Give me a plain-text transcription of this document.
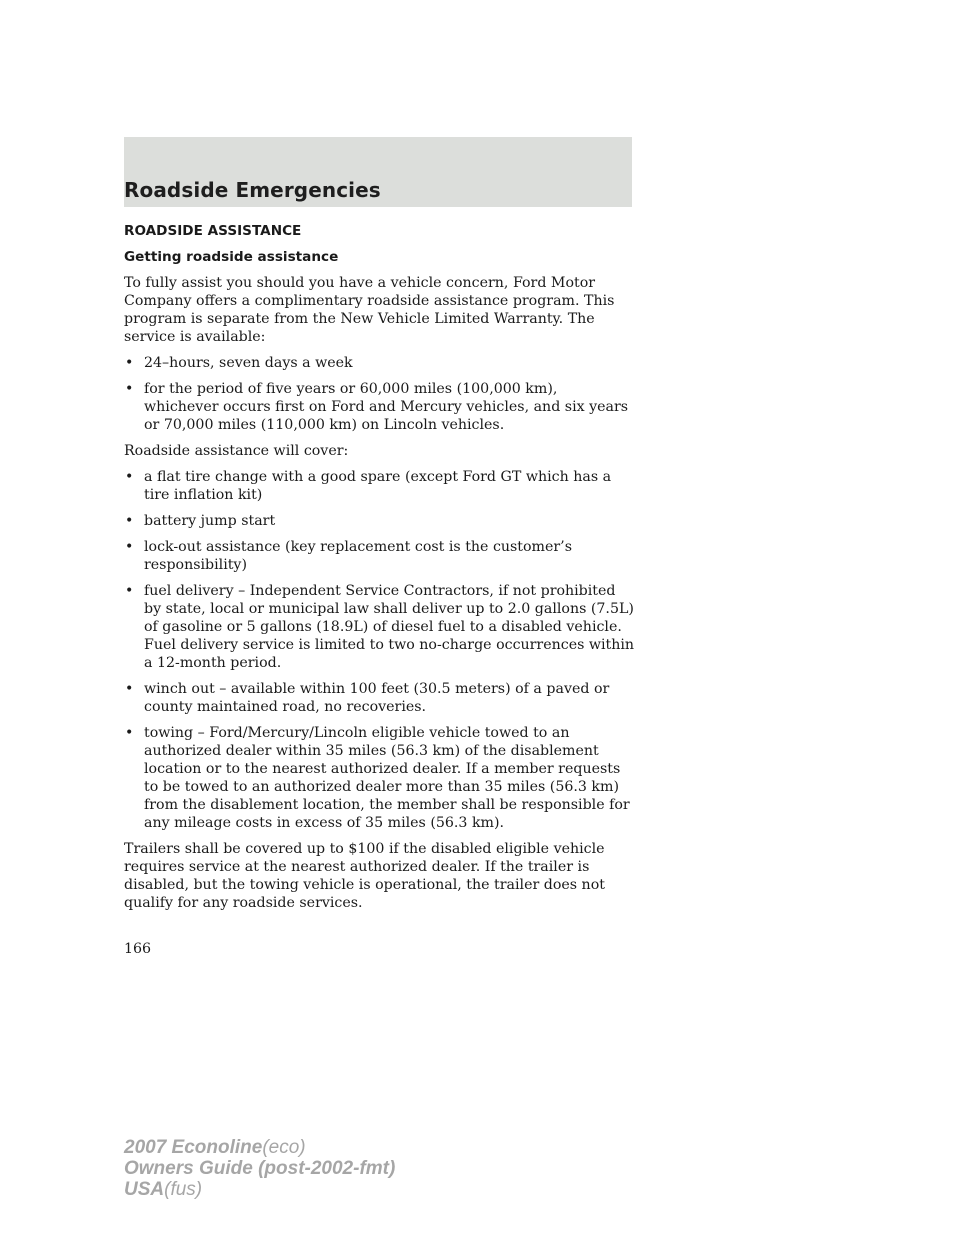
Roadside Emergencies
ROADSIDE ASSISTANCE
Getting roadside assistance

To fully assist you should you have a vehicle concern, Ford Motor Company offers a complimentary roadside assistance program. This program is separate from the New Vehicle Limited Warranty. The service is available:

• 24–hours, seven days a week
• for the period of five years or 60,000 miles (100,000 km), whichever occurs first on Ford and Mercury vehicles, and six years or 70,000 miles (110,000 km) on Lincoln vehicles.

Roadside assistance will cover:

• a flat tire change with a good spare (except Ford GT which has a tire inflation kit)
• battery jump start
• lock-out assistance (key replacement cost is the customer’s responsibility)
• fuel delivery – Independent Service Contractors, if not prohibited by state, local or municipal law shall deliver up to 2.0 gallons (7.5L) of gasoline or 5 gallons (18.9L) of diesel fuel to a disabled vehicle. Fuel delivery service is limited to two no-charge occurrences within a 12-month period.
• winch out – available within 100 feet (30.5 meters) of a paved or county maintained road, no recoveries.
• towing – Ford/Mercury/Lincoln eligible vehicle towed to an authorized dealer within 35 miles (56.3 km) of the disablement location or to the nearest authorized dealer. If a member requests to be towed to an authorized dealer more than 35 miles (56.3 km) from the disablement location, the member shall be responsible for any mileage costs in excess of 35 miles (56.3 km).

Trailers shall be covered up to $100 if the disabled eligible vehicle requires service at the nearest authorized dealer. If the trailer is disabled, but the towing vehicle is operational, the trailer does not qualify for any roadside services.

166
2007 Econoline(eco)
Owners Guide (post-2002-fmt)
USA(fus)
